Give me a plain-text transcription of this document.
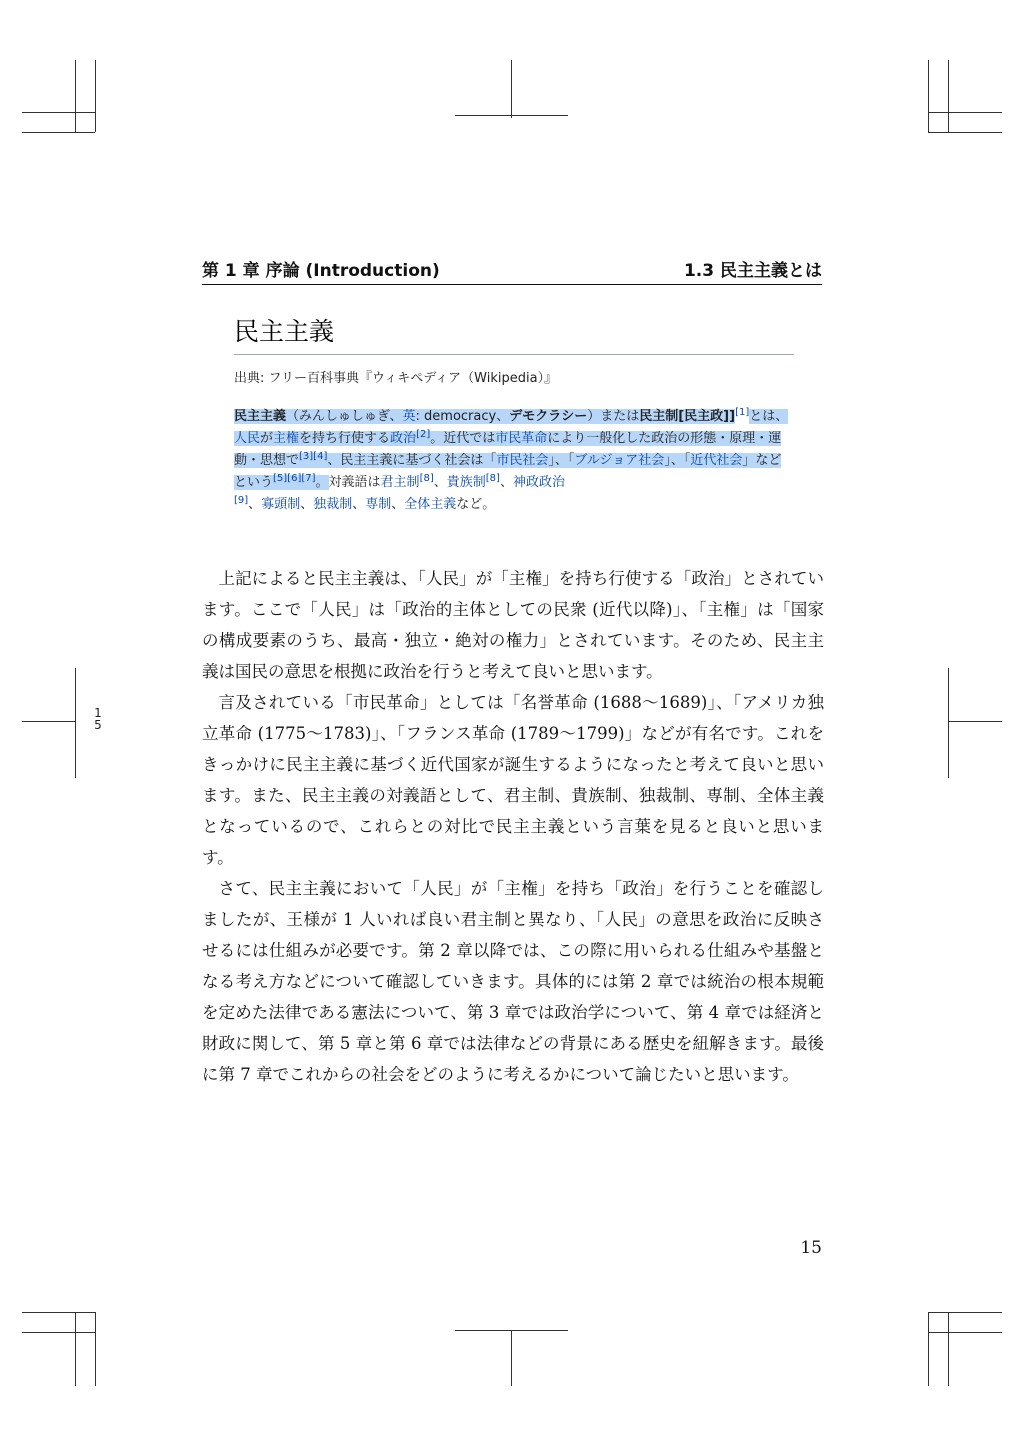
1
5
第 1 章 序論 (Introduction)	1.3 民主主義とは
民主主義
出典: フリー百科事典『ウィキペディア（Wikipedia）』
民主主義（みんしゅしゅぎ、英: democracy、デモクラシー）または民主制[民主政]][1]とは、人民が主権を持ち行使する政治[2]。近代では市民革命により一般化した政治の形態・原理・運動・思想で[3][4]、民主主義に基づく社会は「市民社会」、「ブルジョア社会」、「近代社会」などという[5][6][7]。対義語は君主制[8]、貴族制[8]、神政政治
[9]、寡頭制、独裁制、専制、全体主義など。

上記によると民主主義は、「人民」が「主権」を持ち行使する「政治」とされています。ここで「人民」は「政治的主体としての民衆 (近代以降)」、「主権」は「国家の構成要素のうち、最高・独立・絶対の権力」とされています。そのため、民主主義は国民の意思を根拠に政治を行うと考えて良いと思います。

言及されている「市民革命」としては「名誉革命 (1688〜1689)」、「アメリカ独立革命 (1775〜1783)」、「フランス革命 (1789〜1799)」などが有名です。これをきっかけに民主主義に基づく近代国家が誕生するようになったと考えて良いと思います。また、民主主義の対義語として、君主制、貴族制、独裁制、専制、全体主義となっているので、これらとの対比で民主主義という言葉を見ると良いと思います。

さて、民主主義において「人民」が「主権」を持ち「政治」を行うことを確認しましたが、王様が 1 人いれば良い君主制と異なり、「人民」の意思を政治に反映させるには仕組みが必要です。第 2 章以降では、この際に用いられる仕組みや基盤となる考え方などについて確認していきます。具体的には第 2 章では統治の根本規範を定めた法律である憲法について、第 3 章では政治学について、第 4 章では経済と財政に関して、第 5 章と第 6 章では法律などの背景にある歴史を紐解きます。最後に第 7 章でこれからの社会をどのように考えるかについて論じたいと思います。

15
